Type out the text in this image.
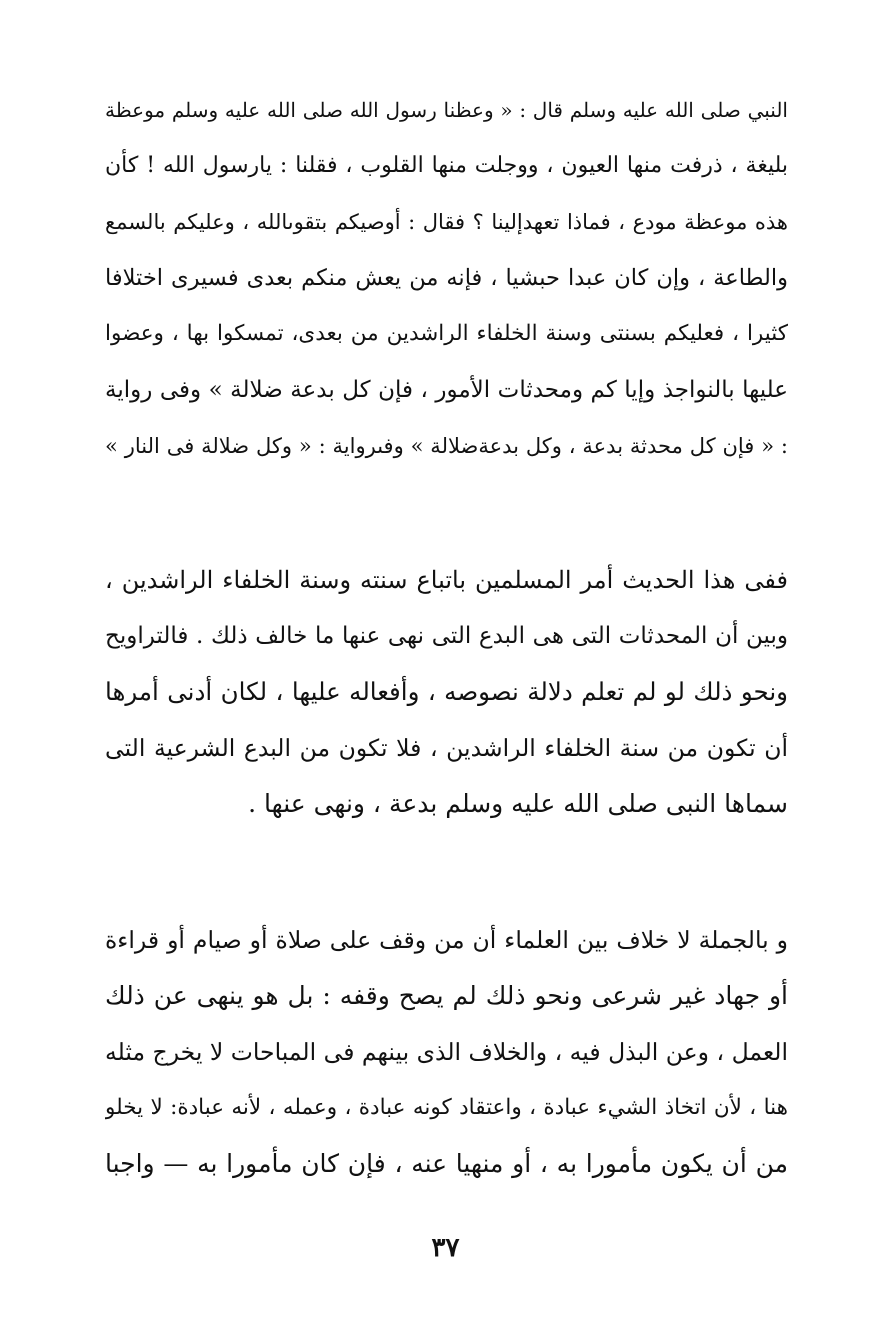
النبي صلى الله عليه وسلم قال : « وعظنا رسول الله صلى الله عليه وسلم موعظة
بليغة ، ذرفت منها العيون ، ووجلت منها القلوب ، فقلنا : يارسول الله ! كأن
هذه موعظة مودع ، فماذا تعهدإلينا ؟ فقال : أوصيكم بتقوىالله ، وعليكم بالسمع
والطاعة ، وإن كان عبدا حبشيا ، فإنه من يعش منكم بعدى فسيرى اختلافا
كثيرا ، فعليكم بسنتى وسنة الخلفاء الراشدين من بعدى، تمسكوا بها ، وعضوا
عليها بالنواجذ وإيا كم ومحدثات الأمور ، فإن كل بدعة ضلالة » وفى رواية
: « فإن كل محدثة بدعة ، وكل بدعةضلالة » وفىرواية : « وكل ضلالة فى النار »
ففى هذا الحديث أمر المسلمين باتباع سنته وسنة الخلفاء الراشدين ،
وبين أن المحدثات التى هى البدع التى نهى عنها ما خالف ذلك . فالتراويح
ونحو ذلك لو لم تعلم دلالة نصوصه ، وأفعاله عليها ، لكان أدنى أمرها
أن تكون من سنة الخلفاء الراشدين ، فلا تكون من البدع الشرعية التى
سماها النبى صلى الله عليه وسلم بدعة ، ونهى عنها .
و بالجملة لا خلاف بين العلماء أن من وقف على صلاة أو صيام أو قراءة
أو جهاد غير شرعى ونحو ذلك لم يصح وقفه : بل هو ينهى عن ذلك
العمل ، وعن البذل فيه ، والخلاف الذى بينهم فى المباحات لا يخرج مثله
هنا ، لأن اتخاذ الشيء عبادة ، واعتقاد كونه عبادة ، وعمله ، لأنه عبادة: لا يخلو
من أن يكون مأمورا به ، أو منهيا عنه ، فإن كان مأمورا به — واجبا
٣٧
